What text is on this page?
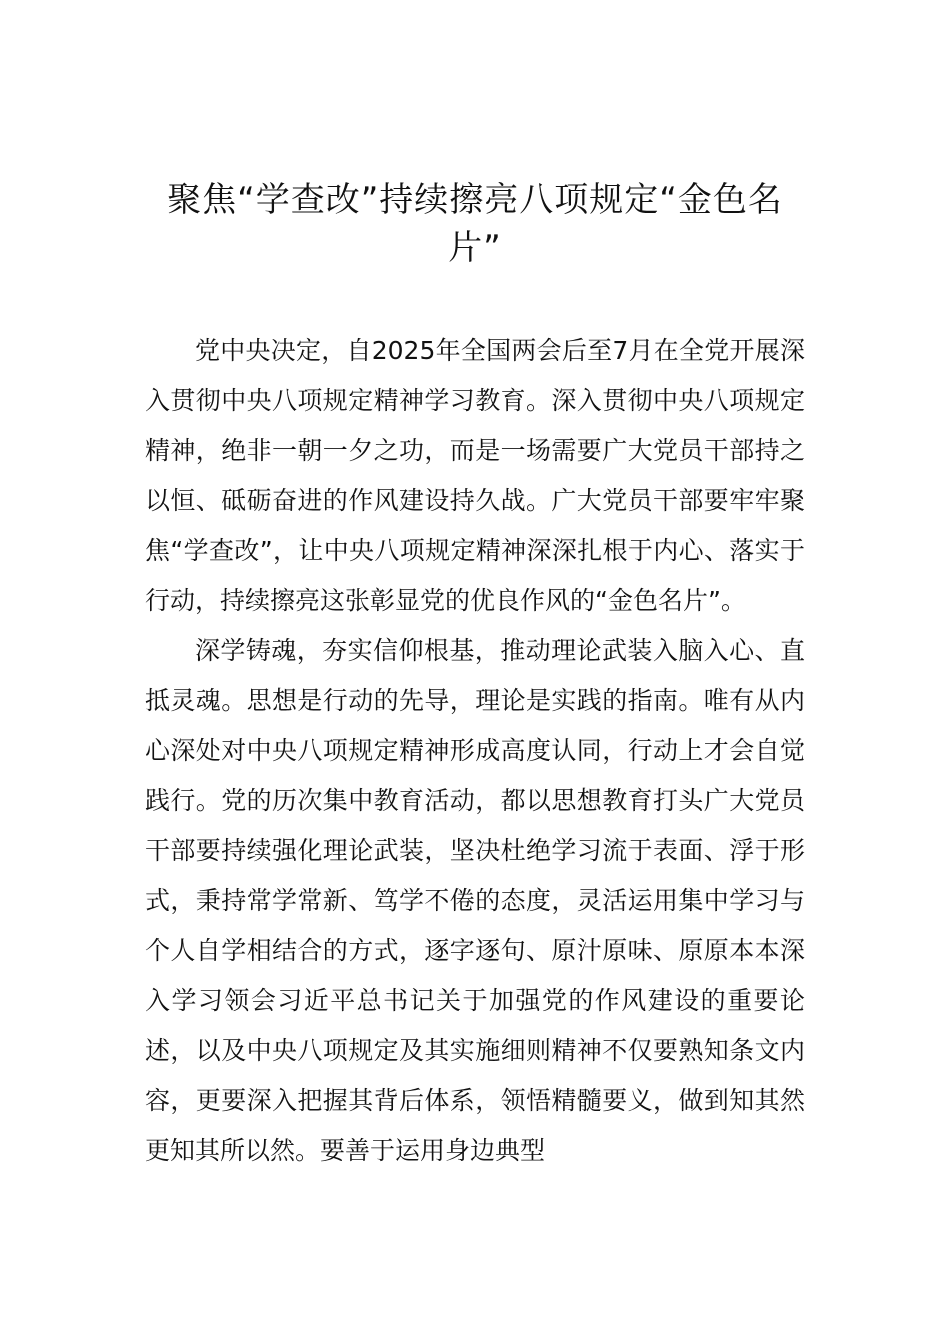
聚焦“学查改”持续擦亮八项规定“金色名片”

党中央决定，自2025年全国两会后至7月在全党开展深入贯彻中央八项规定精神学习教育。深入贯彻中央八项规定精神，绝非一朝一夕之功，而是一场需要广大党员干部持之以恒、砥砺奋进的作风建设持久战。广大党员干部要牢牢聚焦“学查改”，让中央八项规定精神深深扎根于内心、落实于行动，持续擦亮这张彰显党的优良作风的“金色名片”。

深学铸魂，夯实信仰根基，推动理论武装入脑入心、直抵灵魂。思想是行动的先导，理论是实践的指南。唯有从内心深处对中央八项规定精神形成高度认同，行动上才会自觉践行。党的历次集中教育活动，都以思想教育打头广大党员干部要持续强化理论武装，坚决杜绝学习流于表面、浮于形式，秉持常学常新、笃学不倦的态度，灵活运用集中学习与个人自学相结合的方式，逐字逐句、原汁原味、原原本本深入学习领会习近平总书记关于加强党的作风建设的重要论述，以及中央八项规定及其实施细则精神不仅要熟知条文内容，更要深入把握其背后体系，领悟精髓要义，做到知其然更知其所以然。要善于运用身边典型
